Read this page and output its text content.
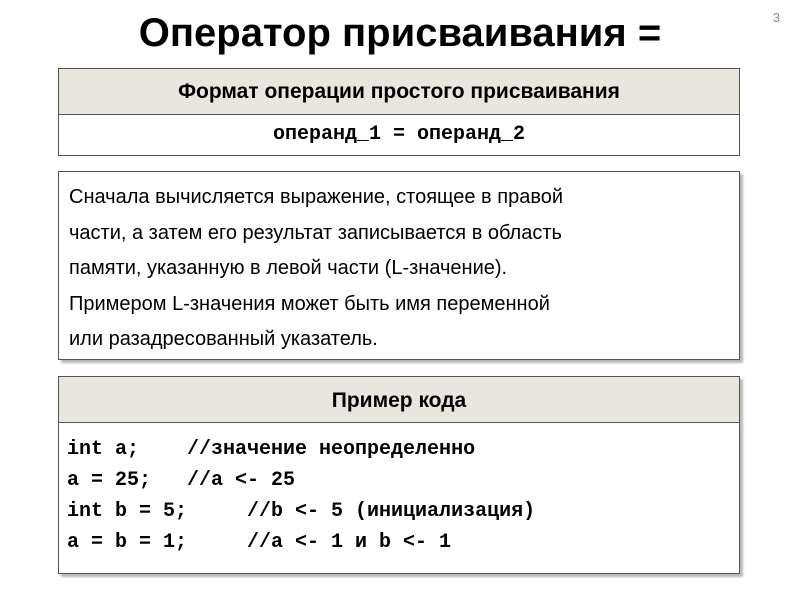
3
Оператор присваивания =
Формат операции простого присваивания
операнд_1 = операнд_2

Сначала вычисляется выражение, стоящее в правой

части, а затем его результат записывается в область

памяти, указанную в левой части (L-значение).

Примером L-значения может быть имя переменной

или разадресованный указатель.

Пример кода
int a;    //значение неопределенно
a = 25;   //a <- 25
int b = 5;     //b <- 5 (инициализация)
a = b = 1;     //a <- 1 и b <- 1
